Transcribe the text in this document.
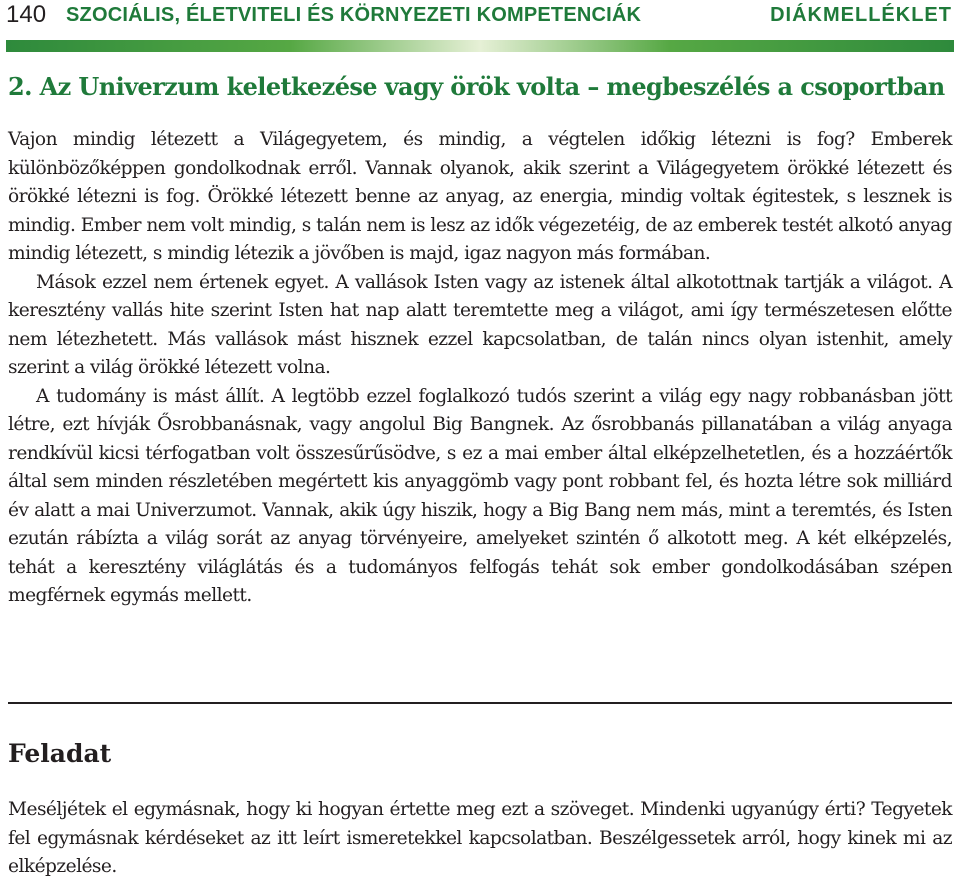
140 SZOCIÁLIS, ÉLETVITELI ÉS KÖRNYEZETI KOMPETENCIÁK	DIÁKMELLÉKLET
2. Az Univerzum keletkezése vagy örök volta – megbeszélés a csoportban

Vajon mindig létezett a Világegyetem, és mindig, a végtelen időkig létezni is fog? Emberek különbözőképpen gondolkodnak erről. Vannak olyanok, akik szerint a Világegyetem örökké létezett és örökké létezni is fog. Örökké létezett benne az anyag, az energia, mindig voltak égitestek, s lesznek is mindig. Ember nem volt mindig, s talán nem is lesz az idők végezetéig, de az emberek testét alkotó anyag mindig létezett, s mindig létezik a jövőben is majd, igaz nagyon más formában.

Mások ezzel nem értenek egyet. A vallások Isten vagy az istenek által alkotottnak tartják a világot. A keresztény vallás hite szerint Isten hat nap alatt teremtette meg a világot, ami így természetesen előtte nem létezhetett. Más vallások mást hisznek ezzel kapcsolatban, de talán nincs olyan istenhit, amely szerint a világ örökké létezett volna.

A tudomány is mást állít. A legtöbb ezzel foglalkozó tudós szerint a világ egy nagy robbanásban jött létre, ezt hívják Ősrobbanásnak, vagy angolul Big Bangnek. Az ősrobbanás pillanatában a világ anyaga rendkívül kicsi térfogatban volt összesűrűsödve, s ez a mai ember által elképzelhetetlen, és a hozzáértők által sem minden részletében megértett kis anyaggömb vagy pont robbant fel, és hozta létre sok milliárd év alatt a mai Univerzumot. Vannak, akik úgy hiszik, hogy a Big Bang nem más, mint a teremtés, és Isten ezután rábízta a világ sorát az anyag törvényeire, amelyeket szintén ő alkotott meg. A két elképzelés, tehát a keresztény világlátás és a tudományos felfogás tehát sok ember gondolkodásában szépen megférnek egymás mellett.

Feladat

Meséljétek el egymásnak, hogy ki hogyan értette meg ezt a szöveget. Mindenki ugyanúgy érti? Tegyetek fel egymásnak kérdéseket az itt leírt ismeretekkel kapcsolatban. Beszélgessetek arról, hogy kinek mi az elképzelése.
